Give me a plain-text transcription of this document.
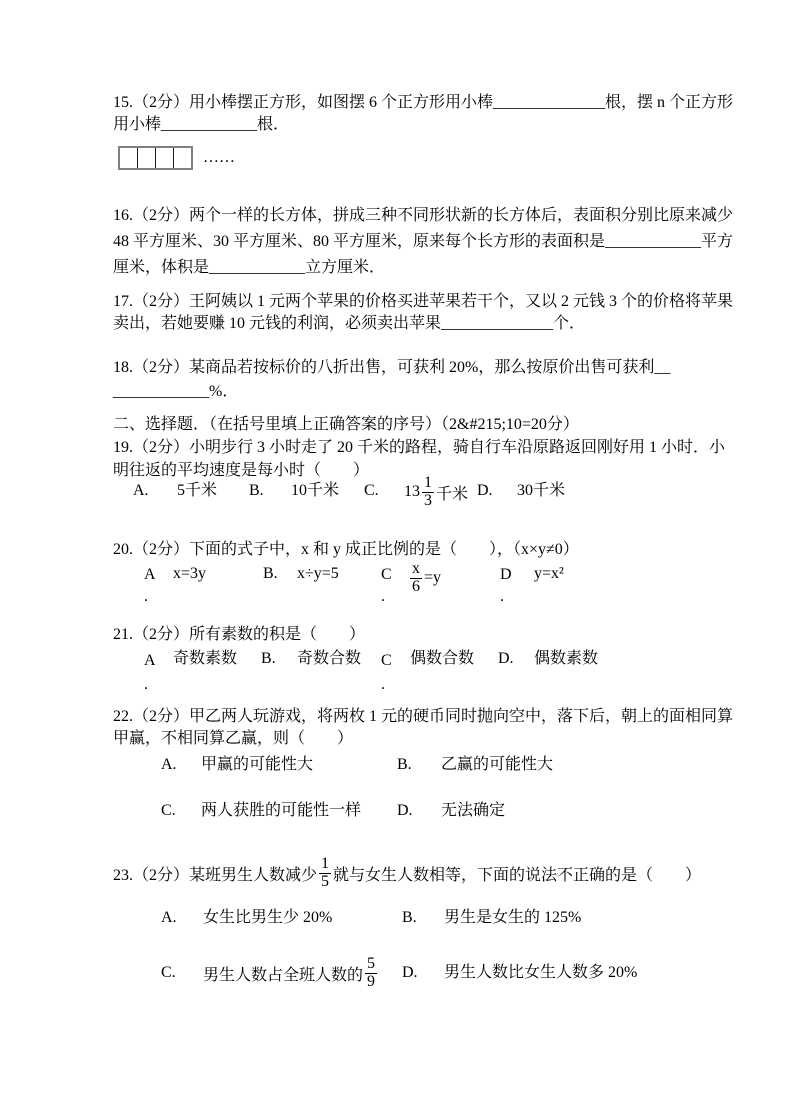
15.（2分）用小棒摆正方形，如图摆 6 个正方形用小棒______________根，摆 n 个正方形
用小棒____________根．
……
16.（2分）两个一样的长方体，拼成三种不同形状新的长方体后，表面积分别比原来减少
48 平方厘米、30 平方厘米、80 平方厘米，原来每个长方形的表面积是____________平方
厘米，体积是____________立方厘米．
17.（2分）王阿姨以 1 元两个苹果的价格买进苹果若干个，又以 2 元钱 3 个的价格将苹果
卖出，若她要赚 10 元钱的利润，必须卖出苹果______________个．
18.（2分）某商品若按标价的八折出售，可获利 20%，那么按原价出售可获利__
____________%．
二、选择题．（在括号里填上正确答案的序号）（2&#215;10=20分）
19.（2分）小明步行 3 小时走了 20 千米的路程，骑自行车沿原路返回刚好用 1 小时．小
明往返的平均速度是每小时（　　）
A. 5千米 B. 10千米 C. $13 \frac{1}{3}$ 千米 D. 30千米
20.（2分）下面的式子中，x 和 y 成正比例的是（　　），（x×y≠0）
A
.
x=3y	B. x÷y=5	C
.
$\frac{x}{6} =y$	D
.
y=x²
21.（2分）所有素数的积是（　　）
A
.
奇数素数 B. 奇数合数 C
.
偶数合数 D. 偶数素数
22.（2分）甲乙两人玩游戏，将两枚 1 元的硬币同时抛向空中，落下后，朝上的面相同算
甲赢，不相同算乙赢，则（　　）
A. 甲赢的可能性大	B. 乙赢的可能性大
C. 两人获胜的可能性一样 D. 无法确定
23.（2分）某班男生人数减少 $\frac{1}{5}$ 就与女生人数相等，下面的说法不正确的是（　　）
A. 女生比男生少 20%	B. 男生是女生的 125%
C. 男生人数占全班人数的 $\frac{5}{9} D$. 男生人数比女生人数多 20%
